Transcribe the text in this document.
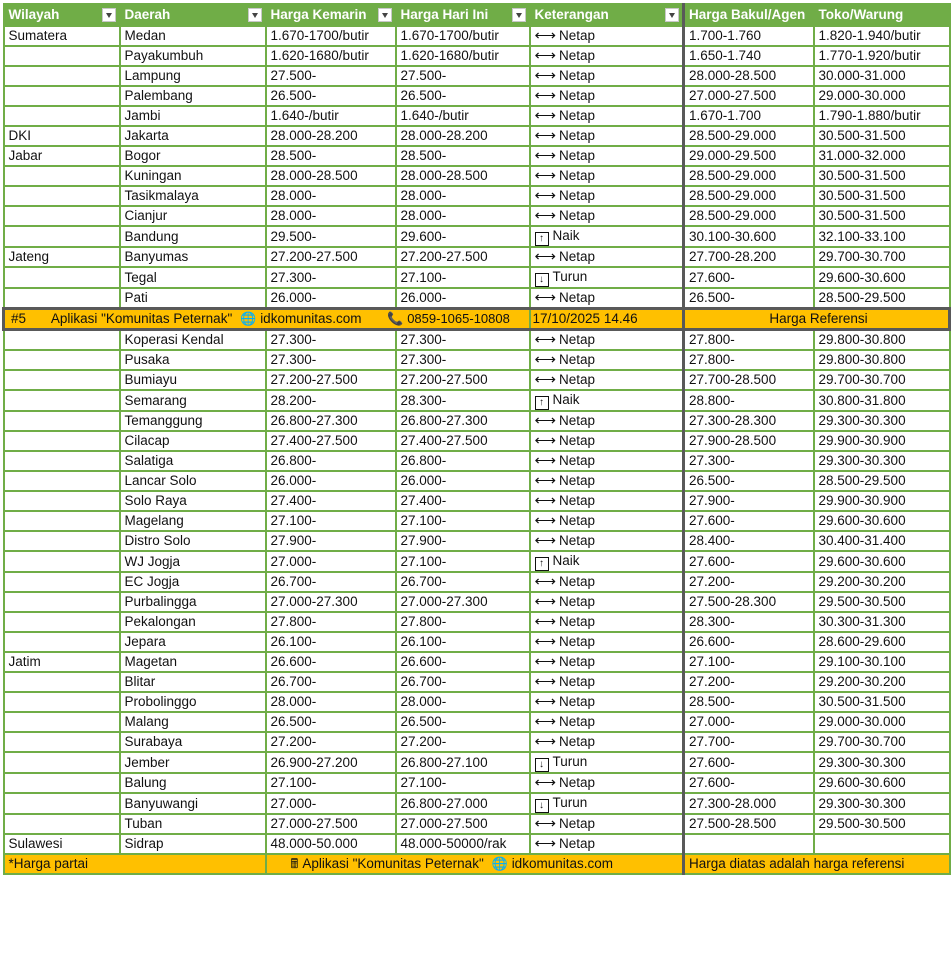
Wilayah	Daerah	Harga Kemarin	Harga Hari Ini	Keterangan	Harga Bakul/Agen	Toko/Warung
Sumatera	Medan	1.670-1700/butir	1.670-1700/butir	⟷ Netap	1.700-1.760	1.820-1.940/butir
	Payakumbuh	1.620-1680/butir	1.620-1680/butir	⟷ Netap	1.650-1.740	1.770-1.920/butir
	Lampung	27.500-	27.500-	⟷ Netap	28.000-28.500	30.000-31.000
	Palembang	26.500-	26.500-	⟷ Netap	27.000-27.500	29.000-30.000
	Jambi	1.640-/butir	1.640-/butir	⟷ Netap	1.670-1.700	1.790-1.880/butir
DKI	Jakarta	28.000-28.200	28.000-28.200	⟷ Netap	28.500-29.000	30.500-31.500
Jabar	Bogor	28.500-	28.500-	⟷ Netap	29.000-29.500	31.000-32.000
	Kuningan	28.000-28.500	28.000-28.500	⟷ Netap	28.500-29.000	30.500-31.500
	Tasikmalaya	28.000-	28.000-	⟷ Netap	28.500-29.000	30.500-31.500
	Cianjur	28.000-	28.000-	⟷ Netap	28.500-29.000	30.500-31.500
	Bandung	29.500-	29.600-	↑ Naik	30.100-30.600	32.100-33.100
Jateng	Banyumas	27.200-27.500	27.200-27.500	⟷ Netap	27.700-28.200	29.700-30.700
	Tegal	27.300-	27.100-	↓ Turun	27.600-	29.600-30.600
	Pati	26.000-	26.000-	⟷ Netap	26.500-	28.500-29.500
#5 Aplikasi "Komunitas Peternak" 🌐 idkomunitas.com 📞 0859-1065-10808				17/10/2025 14.46	Harga Referensi	
	Koperasi Kendal	27.300-	27.300-	⟷ Netap	27.800-	29.800-30.800
	Pusaka	27.300-	27.300-	⟷ Netap	27.800-	29.800-30.800
	Bumiayu	27.200-27.500	27.200-27.500	⟷ Netap	27.700-28.500	29.700-30.700
	Semarang	28.200-	28.300-	↑ Naik	28.800-	30.800-31.800
	Temanggung	26.800-27.300	26.800-27.300	⟷ Netap	27.300-28.300	29.300-30.300
	Cilacap	27.400-27.500	27.400-27.500	⟷ Netap	27.900-28.500	29.900-30.900
	Salatiga	26.800-	26.800-	⟷ Netap	27.300-	29.300-30.300
	Lancar Solo	26.000-	26.000-	⟷ Netap	26.500-	28.500-29.500
	Solo Raya	27.400-	27.400-	⟷ Netap	27.900-	29.900-30.900
	Magelang	27.100-	27.100-	⟷ Netap	27.600-	29.600-30.600
	Distro Solo	27.900-	27.900-	⟷ Netap	28.400-	30.400-31.400
	WJ Jogja	27.000-	27.100-	↑ Naik	27.600-	29.600-30.600
	EC Jogja	26.700-	26.700-	⟷ Netap	27.200-	29.200-30.200
	Purbalingga	27.000-27.300	27.000-27.300	⟷ Netap	27.500-28.300	29.500-30.500
	Pekalongan	27.800-	27.800-	⟷ Netap	28.300-	30.300-31.300
	Jepara	26.100-	26.100-	⟷ Netap	26.600-	28.600-29.600
Jatim	Magetan	26.600-	26.600-	⟷ Netap	27.100-	29.100-30.100
	Blitar	26.700-	26.700-	⟷ Netap	27.200-	29.200-30.200
	Probolinggo	28.000-	28.000-	⟷ Netap	28.500-	30.500-31.500
	Malang	26.500-	26.500-	⟷ Netap	27.000-	29.000-30.000
	Surabaya	27.200-	27.200-	⟷ Netap	27.700-	29.700-30.700
	Jember	26.900-27.200	26.800-27.100	↓ Turun	27.600-	29.300-30.300
	Balung	27.100-	27.100-	⟷ Netap	27.600-	29.600-30.600
	Banyuwangi	27.000-	26.800-27.000	↓ Turun	27.300-28.000	29.300-30.300
	Tuban	27.000-27.500	27.000-27.500	⟷ Netap	27.500-28.500	29.500-30.500
Sulawesi	Sidrap	48.000-50.000	48.000-50000/rak	⟷ Netap		
*Harga partai		🖩 Aplikasi "Komunitas Peternak" 🌐 idkomunitas.com			Harga diatas adalah harga referensi	
